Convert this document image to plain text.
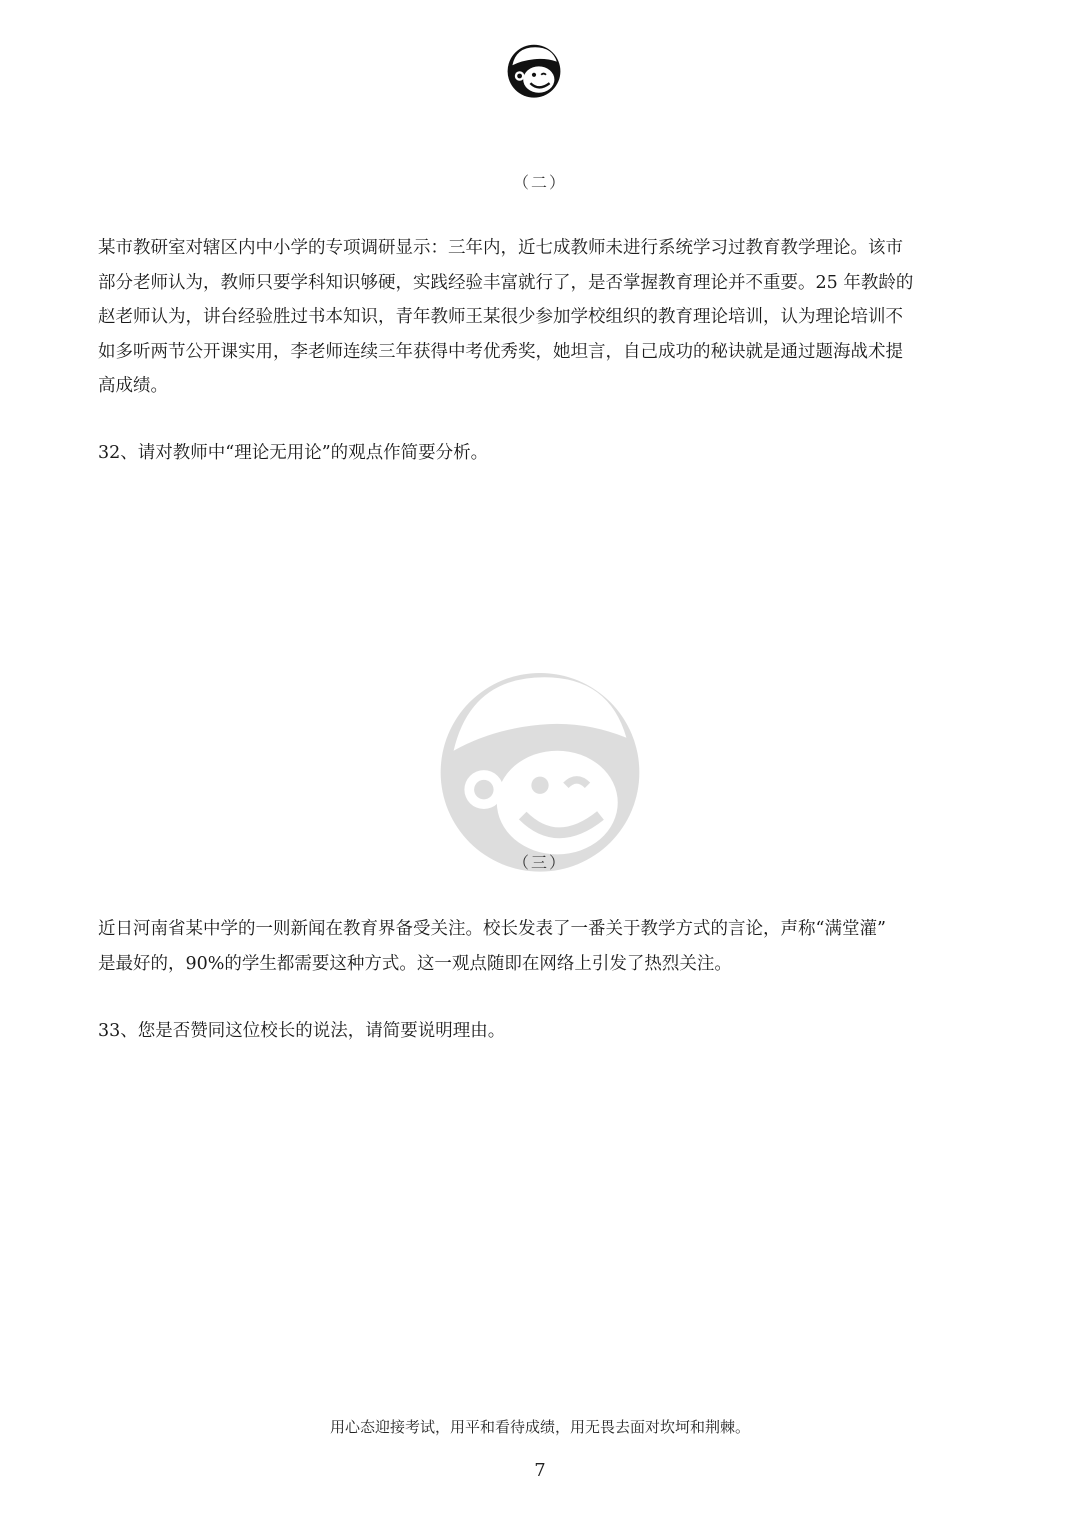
（二）
某市教研室对辖区内中小学的专项调研显示：三年内，近七成教师未进行系统学习过教育教学理论。该市
部分老师认为，教师只要学科知识够硬，实践经验丰富就行了，是否掌握教育理论并不重要。25 年教龄的
赵老师认为，讲台经验胜过书本知识，青年教师王某很少参加学校组织的教育理论培训，认为理论培训不
如多听两节公开课实用，李老师连续三年获得中考优秀奖，她坦言，自己成功的秘诀就是通过题海战术提
高成绩。
32、请对教师中“理论无用论”的观点作简要分析。
（三）
近日河南省某中学的一则新闻在教育界备受关注。校长发表了一番关于教学方式的言论，声称“满堂灌”
是最好的，90%的学生都需要这种方式。这一观点随即在网络上引发了热烈关注。
33、您是否赞同这位校长的说法，请简要说明理由。
用心态迎接考试，用平和看待成绩，用无畏去面对坎坷和荆棘。
7
